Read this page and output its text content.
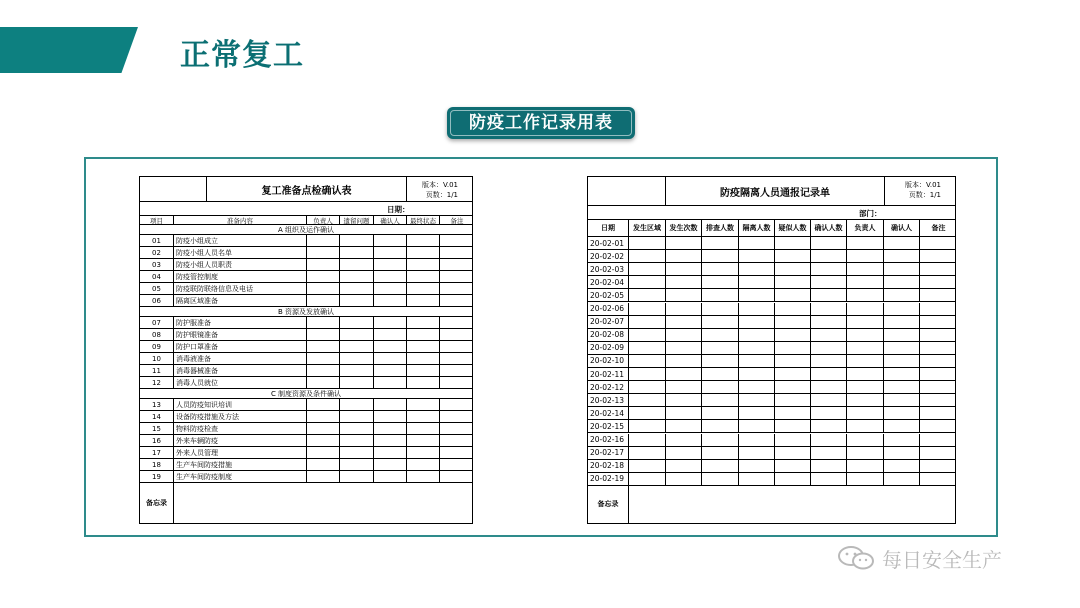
正常复工
防疫工作记录用表
复工准备点检确认表
版本：V.01
页数：1/1
日期：
项目	准备内容	负责人	遗留问题	确认人	最终状态	备注
A 组织及运作确认
01	防疫小组成立
02	防疫小组人员名单
03	防疫小组人员职责
04	防疫管控制度
05	防疫联防联络信息及电话
06	隔离区域准备
B 资源及发放确认
07	防护服准备
08	防护眼镜准备
09	防护口罩准备
10	消毒液准备
11	消毒器械准备
12	消毒人员就位
C 制度资源及条件确认
13	人员防疫知识培训
14	设备防疫措施及方法
15	物料防疫检查
16	外来车辆防疫
17	外来人员管理
18	生产车间防疫措施
19	生产车间防疫制度
备忘录
防疫隔离人员通报记录单
版本：V.01
页数：1/1
部门：
日期	发生区域	发生次数	排查人数	隔离人数	疑似人数	确认人数	负责人	确认人	备注
20-02-01
20-02-02
20-02-03
20-02-04
20-02-05
20-02-06
20-02-07
20-02-08
20-02-09
20-02-10
20-02-11
20-02-12
20-02-13
20-02-14
20-02-15
20-02-16
20-02-17
20-02-18
20-02-19
备忘录
每日安全生产
